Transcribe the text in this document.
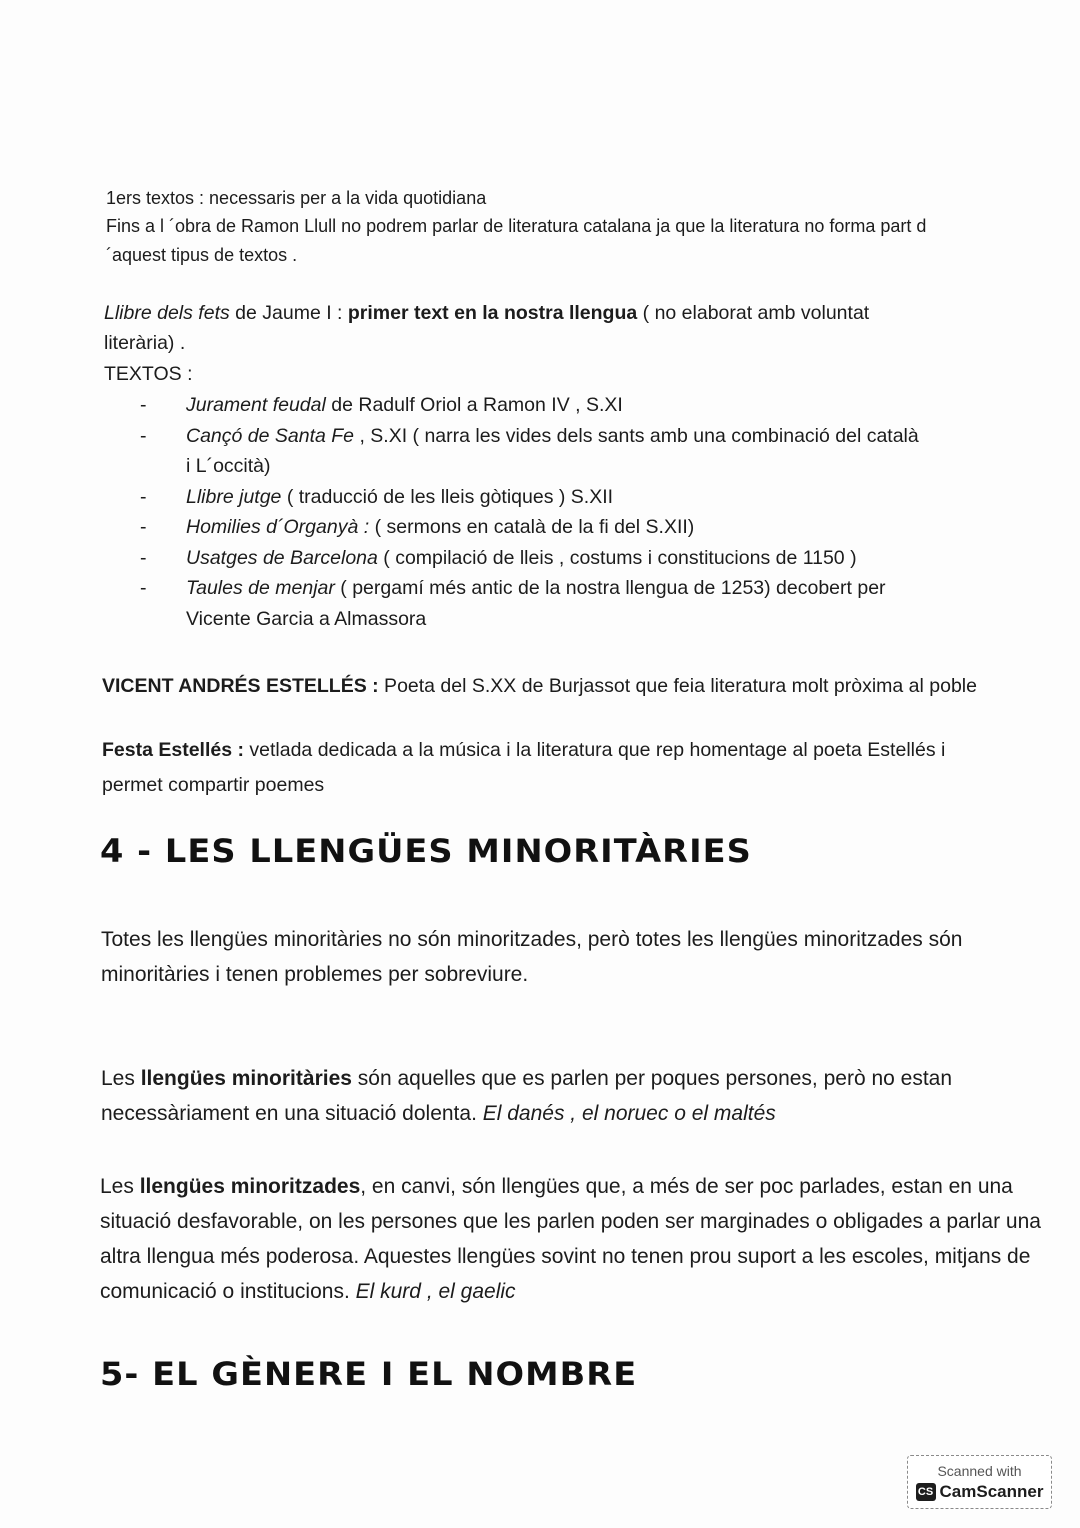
1ers textos : necessaris per a la vida quotidiana

Fins a l ´obra de Ramon Llull no podrem parlar de literatura catalana ja que la literatura no forma part d´aquest tipus de textos .

Llibre dels fets de Jaume I : primer text en la nostra llengua ( no elaborat amb voluntat literària) .

TEXTOS :

-	Jurament feudal de Radulf Oriol a Ramon IV , S.XI
-	Cançó de Santa Fe , S.XI ( narra les vides dels sants amb una combinació del català i L´occità)
-	Llibre jutge ( traducció de les lleis gòtiques ) S.XII
-	Homilies d´Organyà : ( sermons en català de la fi del S.XII)
-	Usatges de Barcelona ( compilació de lleis , costums i constitucions de 1150 )
-	Taules de menjar ( pergamí més antic de la nostra llengua de 1253) decobert per Vicente Garcia a Almassora

VICENT ANDRÉS ESTELLÉS : Poeta del S.XX de Burjassot que feia literatura molt pròxima al poble

Festa Estellés : vetlada dedicada a la música i la literatura que rep homentage al poeta Estellés i permet compartir poemes

4 - LES LLENGÜES MINORITÀRIES

Totes les llengües minoritàries no són minoritzades, però totes les llengües minoritzades són minoritàries i tenen problemes per sobreviure.

Les llengües minoritàries són aquelles que es parlen per poques persones, però no estan necessàriament en una situació dolenta. El danés , el noruec o el maltés

Les llengües minoritzades, en canvi, són llengües que, a més de ser poc parlades, estan en una situació desfavorable, on les persones que les parlen poden ser marginades o obligades a parlar una altra llengua més poderosa. Aquestes llengües sovint no tenen prou suport a les escoles, mitjans de comunicació o institucions. El kurd , el gaelic

5- EL GÈNERE I EL NOMBRE
Scanned with
CS CamScanner
